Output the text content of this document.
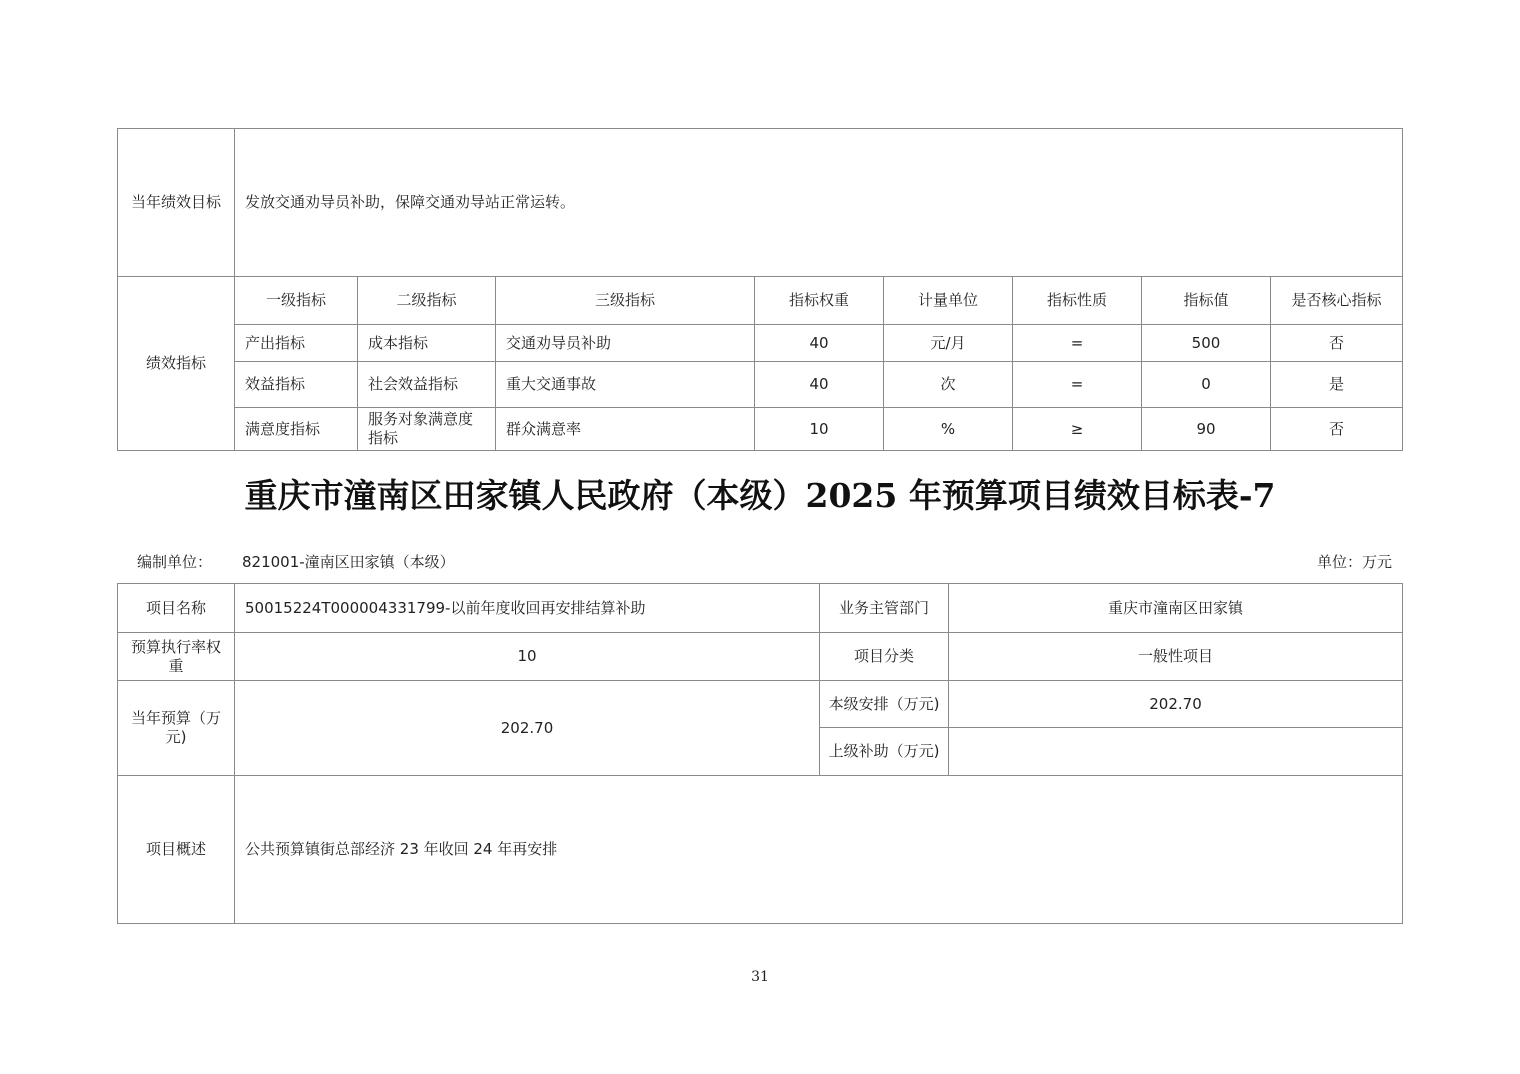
当年绩效目标	发放交通劝导员补助，保障交通劝导站正常运转。							
绩效指标	一级指标	二级指标	三级指标	指标权重	计量单位	指标性质	指标值	是否核心指标
	产出指标	成本指标	交通劝导员补助	40	元/月	=	500	否
	效益指标	社会效益指标	重大交通事故	40	次	=	0	是
	满意度指标	服务对象满意度指标	群众满意率	10	%	≥	90	否
重庆市潼南区田家镇人民政府（本级）2025 年预算项目绩效目标表-7
编制单位： 821001-潼南区田家镇（本级）	单位：万元
项目名称	50015224T000004331799-以前年度收回再安排结算补助	业务主管部门	重庆市潼南区田家镇
预算执行率权重	10	项目分类	一般性项目
当年预算（万元)	202.70	本级安排（万元)	202.70
		上级补助（万元)	
项目概述	公共预算镇街总部经济 23 年收回 24 年再安排		
31
